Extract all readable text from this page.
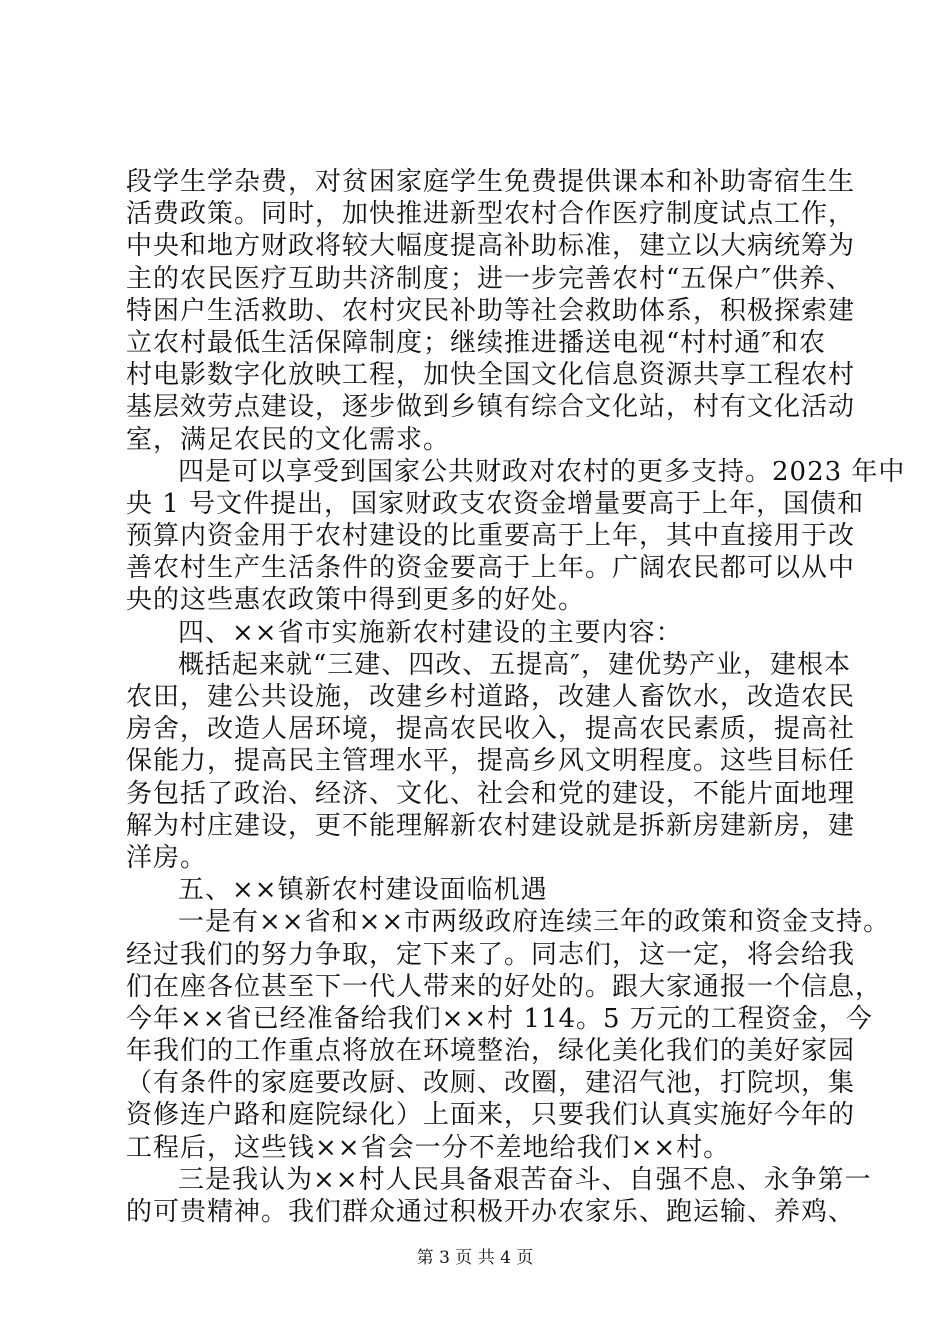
段学生学杂费，对贫困家庭学生免费提供课本和补助寄宿生生
活费政策。同时，加快推进新型农村合作医疗制度试点工作，
中央和地方财政将较大幅度提高补助标准，建立以大病统筹为
主的农民医疗互助共济制度；进一步完善农村“五保户″供养、
特困户生活救助、农村灾民补助等社会救助体系，积极探索建
立农村最低生活保障制度；继续推进播送电视“村村通″和农
村电影数字化放映工程，加快全国文化信息资源共享工程农村
基层效劳点建设，逐步做到乡镇有综合文化站，村有文化活动
室，满足农民的文化需求。
四是可以享受到国家公共财政对农村的更多支持。2023 年中
央 1 号文件提出，国家财政支农资金增量要高于上年，国债和
预算内资金用于农村建设的比重要高于上年，其中直接用于改
善农村生产生活条件的资金要高于上年。广阔农民都可以从中
央的这些惠农政策中得到更多的好处。
四、××省市实施新农村建设的主要内容：
概括起来就“三建、四改、五提高″，建优势产业，建根本
农田，建公共设施，改建乡村道路，改建人畜饮水，改造农民
房舍，改造人居环境，提高农民收入，提高农民素质，提高社
保能力，提高民主管理水平，提高乡风文明程度。这些目标任
务包括了政治、经济、文化、社会和党的建设，不能片面地理
解为村庄建设，更不能理解新农村建设就是拆新房建新房，建
洋房。
五、××镇新农村建设面临机遇
一是有××省和××市两级政府连续三年的政策和资金支持。
经过我们的努力争取，定下来了。同志们，这一定，将会给我
们在座各位甚至下一代人带来的好处的。跟大家通报一个信息，
今年××省已经准备给我们××村 114。5 万元的工程资金，今
年我们的工作重点将放在环境整治，绿化美化我们的美好家园
（有条件的家庭要改厨、改厕、改圈，建沼气池，打院坝，集
资修连户路和庭院绿化）上面来，只要我们认真实施好今年的
工程后，这些钱××省会一分不差地给我们××村。
三是我认为××村人民具备艰苦奋斗、自强不息、永争第一
的可贵精神。我们群众通过积极开办农家乐、跑运输、养鸡、
第 3 页 共 4 页
